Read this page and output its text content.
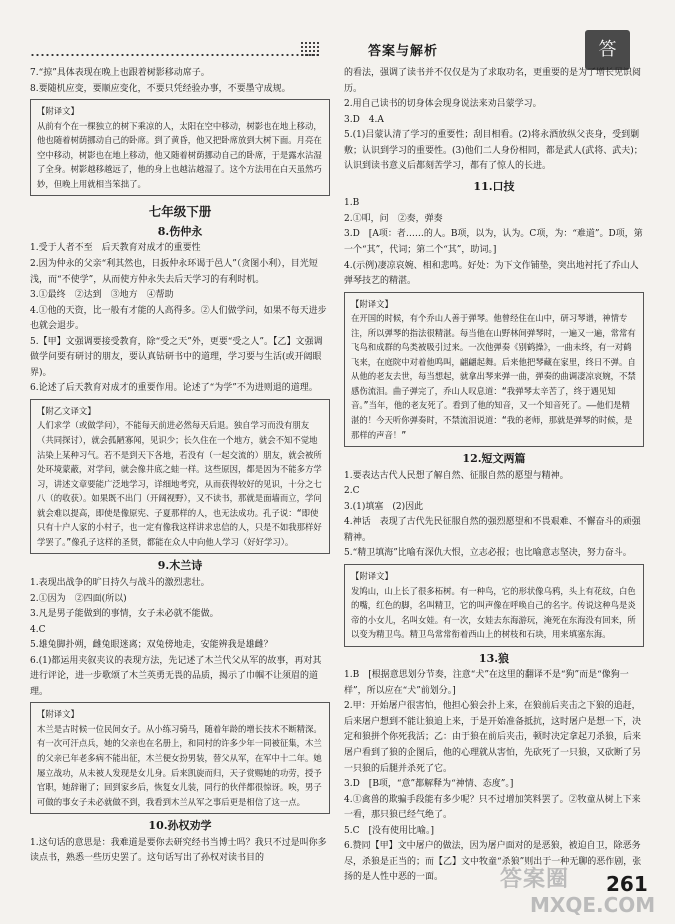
答案与解析	答

7.“掠”具体表现在晚上也跟着树影移动席子。

8.要随机应变，要顺应变化，不要只凭经验办事，不要墨守成规。

【附译文】
从前有个在一棵独立的树下乘凉的人，太阳在空中移动，树影也在地上移动，他也随着树荫挪动自己的卧席。到了黄昏，他又把卧席放到大树下面。月亮在空中移动，树影也在地上移动，他又随着树荫挪动自己的卧席，于是露水沾湿了全身。树影越移越远了，他的身上也越沾越湿了。这个方法用在白天虽然巧妙，但晚上用就相当笨拙了。
七年级下册
8.伤仲永

1.受于人者不至　后天教育对成才的重要性

2.因为仲永的父亲“利其然也，日扳仲永环谒于邑人”（贪图小利），目光短浅，而“不使学”，从而使方仲永失去后天学习的有利时机。

3.①最终　②达到　③地方　④帮助

4.①他的天资，比一般有才能的人高得多。②人们做学问，如果不每天进步也就会退步。

5.【甲】文强调要接受教育，除“受之天”外，更要“受之人”。【乙】文强调做学问要有研讨的朋友，要认真钻研书中的道理，学习要与生活(或开阔眼界)。

6.论述了后天教育对成才的重要作用。论述了“为学”不为进则退的道理。

【附乙文译文】
人们求学（或做学问），不能每天前进必然每天后退。独自学习而没有朋友（共同探讨），就会孤陋寡闻，见识少；长久住在一个地方，就会不知不觉地沾染上某种习气。若不是到天下各地，若没有（一起交流的）朋友，就会被所处环境蒙蔽，对学问，就会像井底之蛙一样。这些原因，都是因为不能多方学习，讲述文章要能广泛地学习，详细地考究，从而获得较好的见识，十分之七八（的收获）。如果既不出门（开阔视野），又不读书，那就是面墙而立，学问就会难以提高，即使是像原宪、子夏那样的人，也无法成功。孔子说：“即使只有十户人家的小村子，也一定有像我这样讲求忠信的人，只是不如我那样好学罢了。”像孔子这样的圣贤，都能在众人中向他人学习（好好学习）。
9.木兰诗

1.表现出战争的旷日持久与战斗的激烈悲壮。

2.①因为　②四面(所以)

3.凡是男子能做到的事情，女子未必就不能做。

4.C

5.雄兔脚扑朔，雌兔眼迷离；双兔傍地走，安能辨我是雄雌？

6.(1)都运用夹叙夹议的表现方法，先记述了木兰代父从军的故事，再对其进行评论，进一步歌颂了木兰英勇无畏的品质，揭示了巾帼不让须眉的道理。

【附译文】
木兰是古时候一位民间女子。从小练习骑马，随着年龄的增长技术不断精深。有一次可汗点兵，她的父亲也在名册上，和同村的许多少年一同被征集，木兰的父亲已年老多病不能出征，木兰便女扮男装，替父从军，在军中十二年。她屡立战功，从未被人发现是女儿身。后来凯旋而归，天子赏赐她的功劳，授予官职，她辞谢了；回到家乡后，恢复女儿装，同行的伙伴都很惊讶。唉，男子可做的事女子未必就做不到，我看到木兰从军之事后更是相信了这一点。
10.孙权劝学

1.这句话的意思是：我难道是要你去研究经书当博士吗？我只不过是叫你多读点书，熟悉一些历史罢了。这句话写出了孙权对读书目的

的看法，强调了读书并不仅仅是为了求取功名，更重要的是为了增长见识阅历。

2.用自己读书的切身体会现身说法来劝吕蒙学习。

3.D　4.A

5.(1)吕蒙认清了学习的重要性；刮目相看。(2)将永酒放纵父丧身，受到剿敷；认识到学习的重要性。(3)他们二人身份相同，都是武人(武将、武夫)；认识到读书意义后都刻苦学习，都有了惊人的长进。

11.口技

1.B

2.①叩，问　②奏，弹奏

3.D　[A项：者……的人。B项，以为，认为。C项，为：“难道”。D项，第一个“其”，代词；第二个“其”，助词。]

4.(示例)凄凉哀婉、相和悲鸣。好处：为下文作铺垫，突出地衬托了乔山人弹琴技艺的精湛。

【附译文】
在开国的时候，有个乔山人善于弹琴。他曾经住在山中，研习琴谱，神情专注，所以弹琴的指法很精湛。每当他在山野林间弹琴时，一遍又一遍，常常有飞鸟和成群的鸟类被吸引过来。一次他弹奏《别鹤操》，一曲未终，有一对鹤飞来，在庭院中对着他鸣叫，翩翩起舞。后来他把琴藏在家里，终日不弹。自从他的老友去世，每当想起，就拿出琴来弹一曲，弹奏的曲调凄凉哀婉，不禁感伤流泪。曲子弹完了，乔山人叹息道：“我弹琴太辛苦了，终于遇见知音。”当年，他的老友死了。看到了他的知音，又一个知音死了。——他们是精湛的！今天听你弹奏时，不禁流泪说道：“我的老师，那就是弹琴的时候，是那样的声音！”
12.短文两篇

1.要表达古代人民想了解自然、征服自然的愿望与精神。

2.C

3.(1)填塞　(2)因此

4.神话　表现了古代先民征服自然的强烈愿望和不畏艰难、不懈奋斗的顽强精神。

5.“精卫填海”比喻有深仇大恨，立志必报；也比喻意志坚决，努力奋斗。

【附译文】
发鸠山，山上长了很多柘树。有一种鸟，它的形状像乌鸦，头上有花纹，白色的嘴，红色的脚，名叫精卫，它的叫声像在呼唤自己的名字。传说这种鸟是炎帝的小女儿，名叫女娃。有一次，女娃去东海游玩，淹死在东海没有回来，所以变为精卫鸟。精卫鸟常常衔着西山上的树枝和石块，用来填塞东海。
13.狼

1.B　[根据意思划分节奏，注意“犬”在这里的翻译不是“狗”而是“像狗一样”，所以应在“犬”前划分。]

2.甲：开始屠户很害怕，他担心狼会扑上来，在狼前后夹击之下狼的追赶，后来屠户想到不能让狼追上来，于是开始准备抵抗，这时屠户是想一下，决定和狼拼个你死我活；乙：由于狼在前后夹击，顿时决定拿起刀杀狼，后来屠户看到了狼的企图后，他的心理就从害怕，先砍死了一只狼，又砍断了另一只狼的后腿并杀死了它。

3.D　[B项，“意”都解释为“神情、态度”。]

4.①禽兽的欺骗手段能有多少呢？只不过增加笑料罢了。②牧童从树上下来一看，那只狼已经气绝了。

5.C　[没有使用比喻。]

6.赞同【甲】文中屠户的做法，因为屠户面对的是恶狼，被迫自卫，除恶务尽，杀狼是正当的；而【乙】文中牧童“杀狼”则出于一种无聊的恶作剧，张扬的是人性中恶的一面。	答案圈
MXQE.COM
261
